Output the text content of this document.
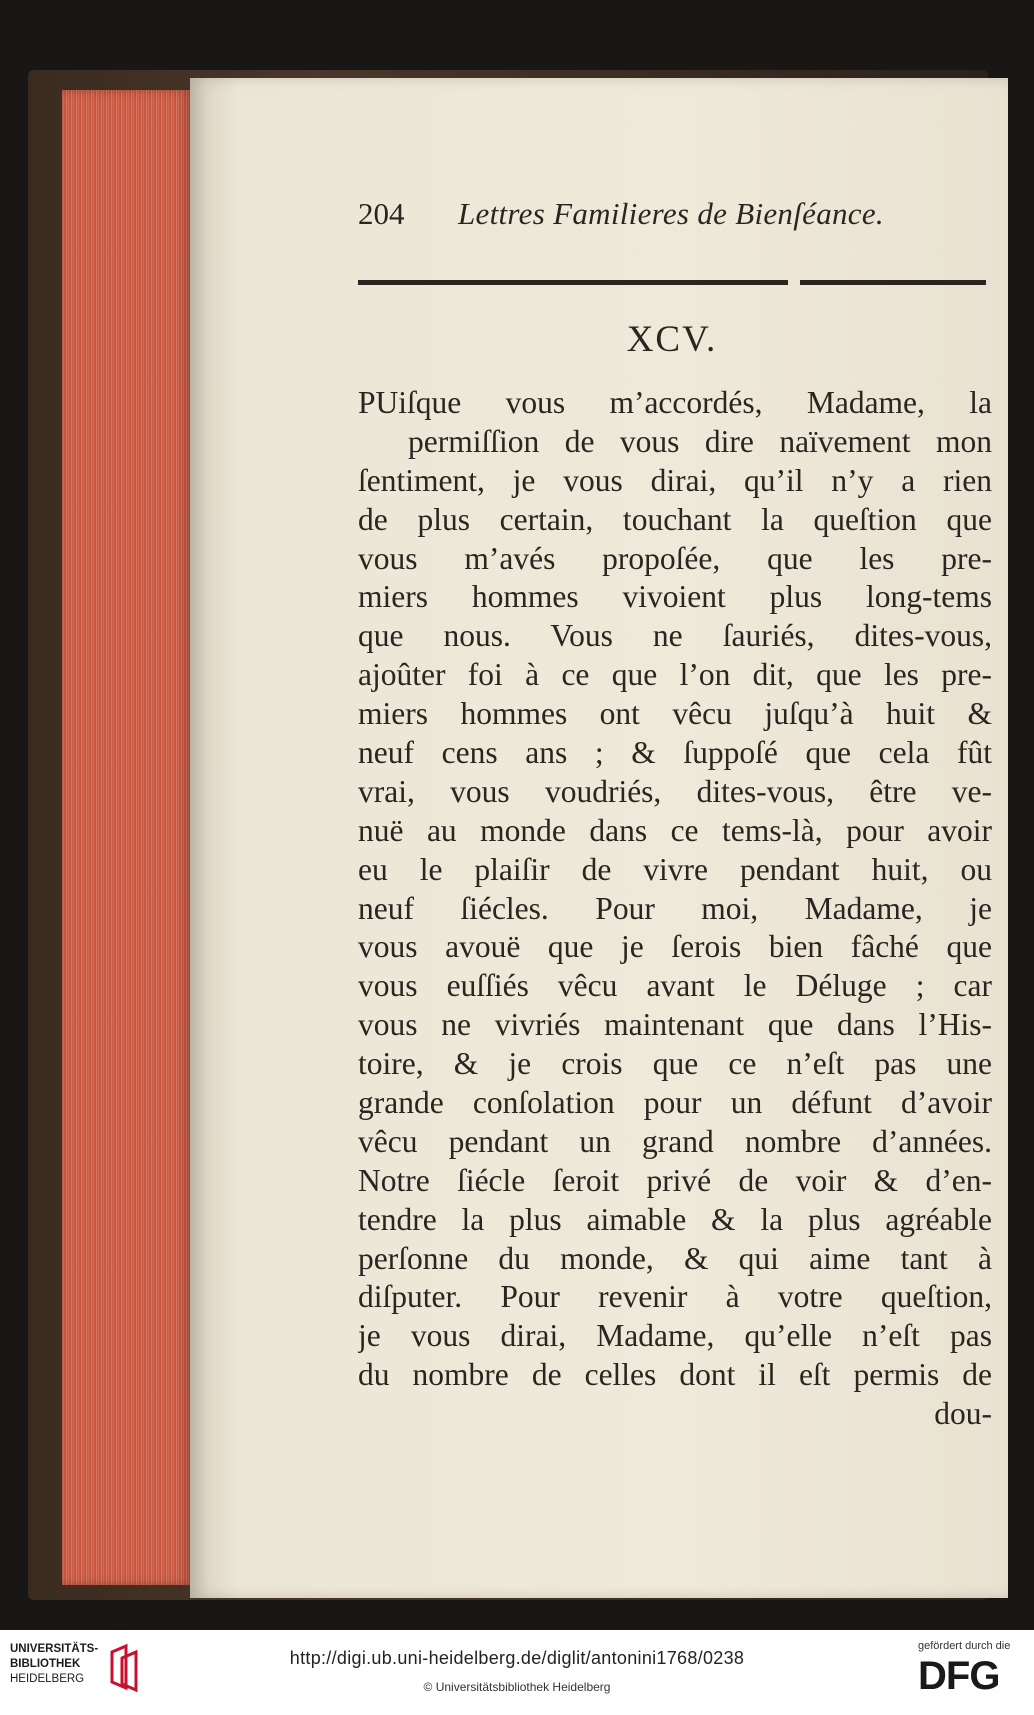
204 Lettres Familieres de Bienſéance.
XCV.
PUiſque vous m’accordés, Madame, la
permiſſion de vous dire naïvement mon
ſentiment, je vous dirai, qu’il n’y a rien
de plus certain, touchant la queſtion que
vous m’avés propoſée, que les pre-
miers hommes vivoient plus long-tems
que nous. Vous ne ſauriés, dites-vous,
ajoûter foi à ce que l’on dit, que les pre-
miers hommes ont vêcu juſqu’à huit &
neuf cens ans ; & ſuppoſé que cela fût
vrai, vous voudriés, dites-vous, être ve-
nuë au monde dans ce tems-là, pour avoir
eu le plaiſir de vivre pendant huit, ou
neuf ſiécles. Pour moi, Madame, je
vous avouë que je ſerois bien fâché que
vous euſſiés vêcu avant le Déluge ; car
vous ne vivriés maintenant que dans l’His-
toire, & je crois que ce n’eſt pas une
grande conſolation pour un défunt d’avoir
vêcu pendant un grand nombre d’années.
Notre ſiécle ſeroit privé de voir & d’en-
tendre la plus aimable & la plus agréable
perſonne du monde, & qui aime tant à
diſputer. Pour revenir à votre queſtion,
je vous dirai, Madame, qu’elle n’eſt pas
du nombre de celles dont il eſt permis de
dou-
UNIVERSITÄTS-
BIBLIOTHEK
HEIDELBERG
http://digi.ub.uni-heidelberg.de/diglit/antonini1768/0238
© Universitätsbibliothek Heidelberg
gefördert durch die
DFG
